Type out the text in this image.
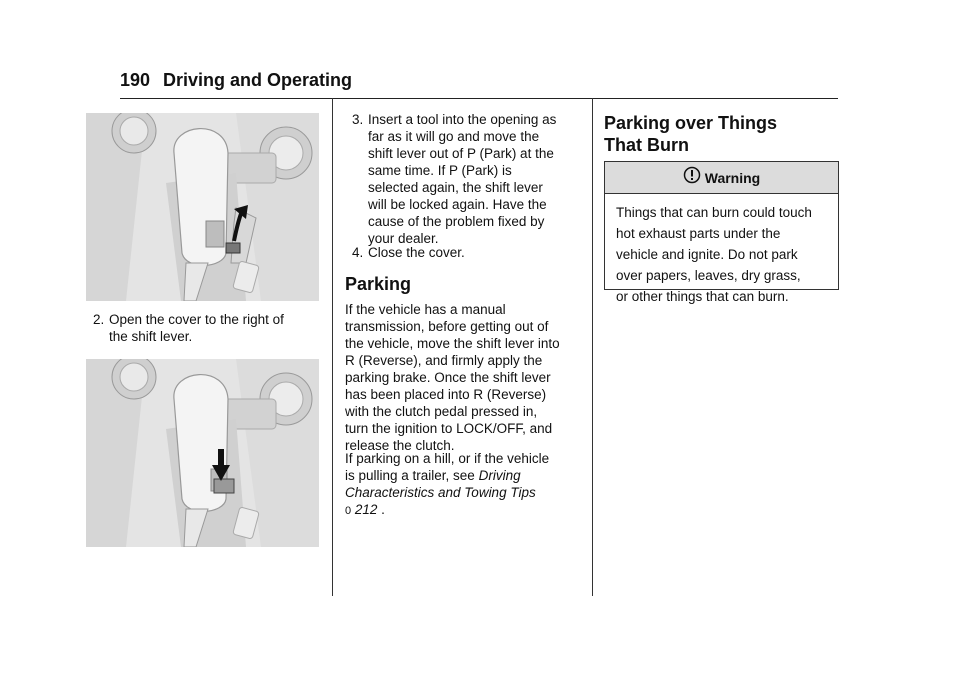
190 Driving and Operating
2. Open the cover to the right of
the shift lever.
3. Insert a tool into the opening as
far as it will go and move the
shift lever out of P (Park) at the
same time. If P (Park) is
selected again, the shift lever
will be locked again. Have the
cause of the problem fixed by
your dealer.
4. Close the cover.
Parking
If the vehicle has a manual
transmission, before getting out of
the vehicle, move the shift lever into
R (Reverse), and firmly apply the
parking brake. Once the shift lever
has been placed into R (Reverse)
with the clutch pedal pressed in,
turn the ignition to LOCK/OFF, and
release the clutch.
If parking on a hill, or if the vehicle
is pulling a trailer, see Driving
Characteristics and Towing Tips
0 212 .
Parking over Things
That Burn
Warning
Things that can burn could touch
hot exhaust parts under the
vehicle and ignite. Do not park
over papers, leaves, dry grass,
or other things that can burn.
